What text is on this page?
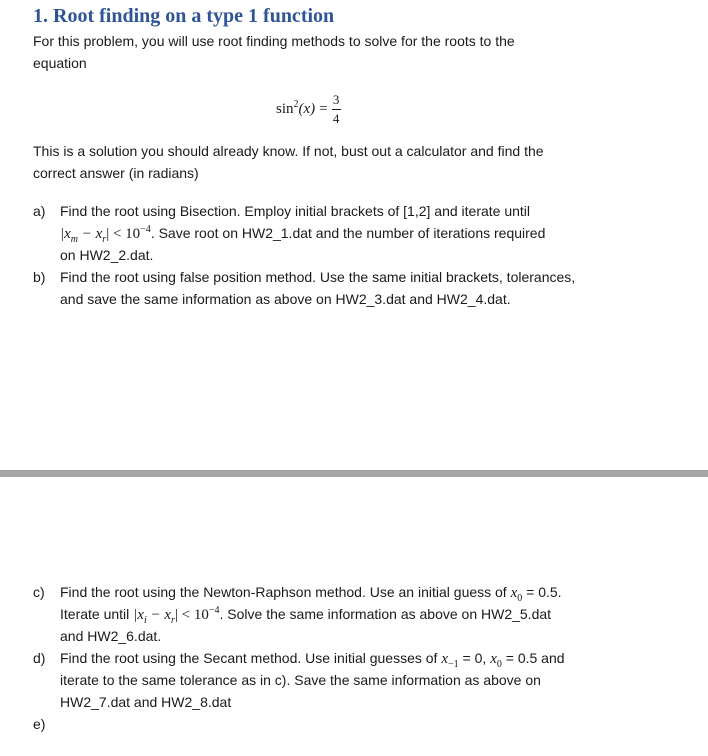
1. Root finding on a type 1 function
For this problem, you will use root finding methods to solve for the roots to the
equation
$\sin^2(x) = \frac{3}{4}$
This is a solution you should already know. If not, bust out a calculator and find the
correct answer (in radians)
a)	Find the root using Bisection. Employ initial brackets of [1,2] and iterate until
$|x_m - x_r| < 10^{-4}$. Save root on HW2_1.dat and the number of iterations required
on HW2_2.dat.
b)	Find the root using false position method. Use the same initial brackets, tolerances,
and save the same information as above on HW2_3.dat and HW2_4.dat.
c)	Find the root using the Newton-Raphson method. Use an initial guess of $x_0 = 0.5$.
Iterate until $|x_i - x_r| < 10^{-4}$. Solve the same information as above on HW2_5.dat
and HW2_6.dat.
d)	Find the root using the Secant method. Use initial guesses of $x_{-1} = 0$, $x_0 = 0.5$ and
iterate to the same tolerance as in c). Save the same information as above on
HW2_7.dat and HW2_8.dat
e)
